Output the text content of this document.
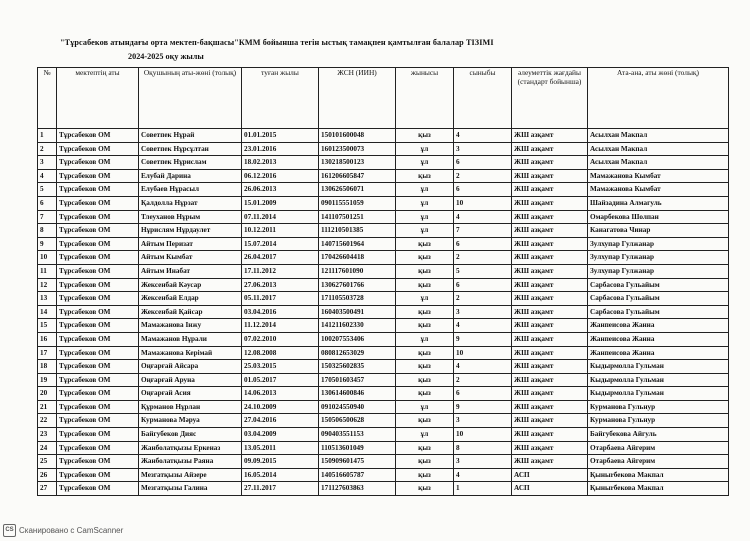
"Тұрсабеков атындағы орта мектеп-бақшасы"КММ бойынша тегін ыстық тамақпен қамтылған балалар ТІЗІМІ
2024-2025 оқу жылы
№	мектептің аты	Оқушының аты-жөні (толық)	туған жылы	ЖСН (ИИН)	жынысы	сыныбы	әлеуметтік жағдайы (стандарт бойынша)	Ата-ана, аты жөні (толық)
1	Тұрсабеков ОМ	Советпек Нұрай	01.01.2015	150101600048	қыз	4	ЖШ азқамт	Асылхан Макпал
2	Тұрсабеков ОМ	Советпек Нұрсұлтан	23.01.2016	160123500073	ұл	3	ЖШ азқамт	Асылхан Макпал
3	Тұрсабеков ОМ	Советпек Нұрислам	18.02.2013	130218500123	ұл	6	ЖШ азқамт	Асылхан Макпал
4	Тұрсабеков ОМ	Елубай Дарина	06.12.2016	161206605847	қыз	2	ЖШ азқамт	Мамажанова Кымбат
5	Тұрсабеков ОМ	Елубаев Нұрасыл	26.06.2013	130626506071	ұл	6	ЖШ азқамт	Мамажанова Кымбат
6	Тұрсабеков ОМ	Қалдолла Нұрзат	15.01.2009	090115551059	ұл	10	ЖШ азқамт	Шайзадина Алмагуль
7	Тұрсабеков ОМ	Тлеуханов Нұрым	07.11.2014	141107501251	ұл	4	ЖШ азқамт	Омарбекова Шолпан
8	Тұрсабеков ОМ	Нұрислям Нұрдаулет	10.12.2011	111210501385	ұл	7	ЖШ азқамт	Канагатова Чинар
9	Тұрсабеков ОМ	Айтым Перизат	15.07.2014	140715601964	қыз	6	ЖШ азқамт	Зулхупар Гулжанар
10	Тұрсабеков ОМ	Айтым Кымбат	26.04.2017	170426604418	қыз	2	ЖШ азқамт	Зулхупар Гулжанар
11	Тұрсабеков ОМ	Айтым Инабат	17.11.2012	121117601090	қыз	5	ЖШ азқамт	Зулхупар Гулжанар
12	Тұрсабеков ОМ	Жексенбай Кәусар	27.06.2013	130627601766	қыз	6	ЖШ азқамт	Сарбасова Гульайым
13	Тұрсабеков ОМ	Жексенбай Елдар	05.11.2017	171105503728	ұл	2	ЖШ азқамт	Сарбасова Гульайым
14	Тұрсабеков ОМ	Жексенбай Қайсар	03.04.2016	160403500491	қыз	3	ЖШ азқамт	Сарбасова Гульайым
15	Тұрсабеков ОМ	Мамажанова Інжу	11.12.2014	141211602330	қыз	4	ЖШ азқамт	Жанпеисова Жанна
16	Тұрсабеков ОМ	Мамажанов Нұрали	07.02.2010	100207553406	ұл	9	ЖШ азқамт	Жанпеисова Жанна
17	Тұрсабеков ОМ	Мамажанова Керімай	12.08.2008	080812653029	қыз	10	ЖШ азқамт	Жанпеисова Жанна
18	Тұрсабеков ОМ	Оңғарғай Айсара	25.03.2015	150325602835	қыз	4	ЖШ азқамт	Кыдырмолла Гульман
19	Тұрсабеков ОМ	Оңғарғай Аруна	01.05.2017	170501603457	қыз	2	ЖШ азқамт	Кыдырмолла Гульман
20	Тұрсабеков ОМ	Оңғарғай Асия	14.06.2013	130614600846	қыз	6	ЖШ азқамт	Кыдырмолла Гульман
21	Тұрсабеков ОМ	Құрманов Нұрлан	24.10.2009	091024550940	ұл	9	ЖШ азқамт	Курманова Гульнур
22	Тұрсабеков ОМ	Курманова Мәруа	27.04.2016	150506500628	қыз	3	ЖШ азқамт	Курманова Гульнур
23	Тұрсабеков ОМ	Байгубеков Дияс	03.04.2009	090403551153	ұл	10	ЖШ азқамт	Байгубекова Айгуль
24	Тұрсабеков ОМ	Жанболатқызы Еркеназ	13.05.2011	110513601049	қыз	8	ЖШ азқамт	Отарбаева Айгерим
25	Тұрсабеков ОМ	Жанболатқызы Раяна	09.09.2015	150909601475	қыз	3	ЖШ азқамт	Отарбаева Айгерим
26	Тұрсабеков ОМ	Мезгатқызы Айзере	16.05.2014	140516605787	қыз	4	АСП	Қыныrбекова Макпал
27	Тұрсабеков ОМ	Мезгатқызы Галина	27.11.2017	171127603863	қыз	1	АСП	Қыныrбекова Макпал
CS Сканировано с CamScanner
